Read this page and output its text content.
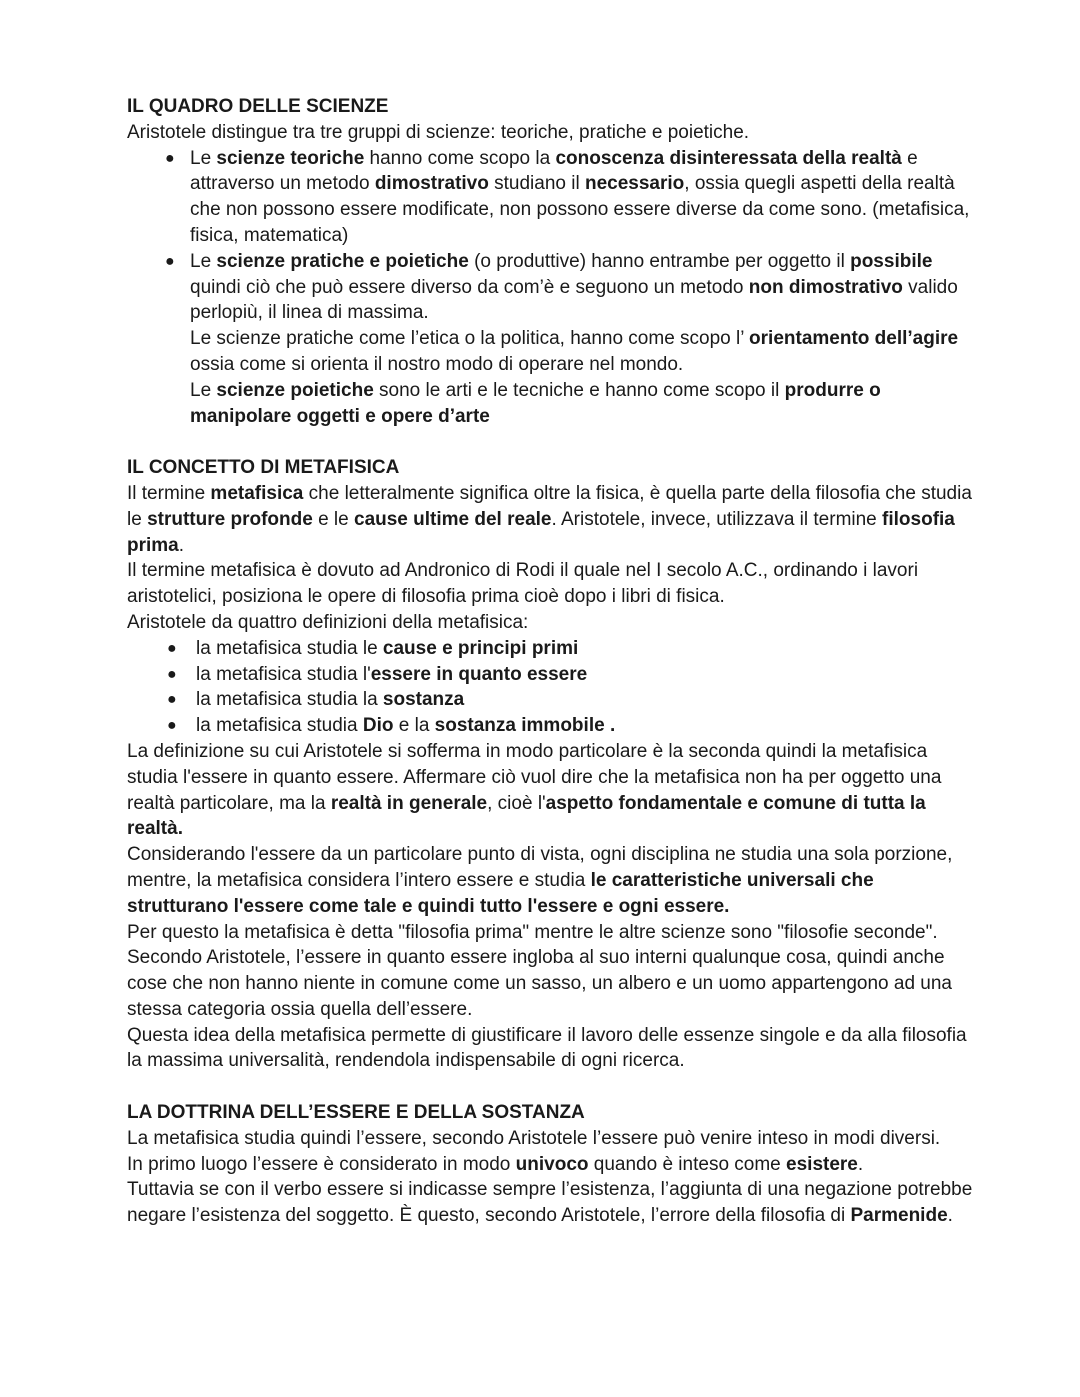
IL QUADRO DELLE SCIENZE

Aristotele distingue tra tre gruppi di scienze: teoriche, pratiche e poietiche.

● Le scienze teoriche hanno come scopo la conoscenza disinteressata della realtà e attraverso un metodo dimostrativo studiano il necessario, ossia quegli aspetti della realtà che non possono essere modificate, non possono essere diverse da come sono. (metafisica, fisica, matematica)
● Le scienze pratiche e poietiche (o produttive) hanno entrambe per oggetto il possibile quindi ciò che può essere diverso da com’è e seguono un metodo non dimostrativo valido perlopiù, il linea di massima.
Le scienze pratiche come l’etica o la politica, hanno come scopo l’ orientamento dell’agire ossia come si orienta il nostro modo di operare nel mondo.
Le scienze poietiche sono le arti e le tecniche e hanno come scopo il produrre o manipolare oggetti e opere d’arte

IL CONCETTO DI METAFISICA

Il termine metafisica che letteralmente significa oltre la fisica, è quella parte della filosofia che studia le strutture profonde e le cause ultime del reale. Aristotele, invece, utilizzava il termine filosofia prima.

Il termine metafisica è dovuto ad Andronico di Rodi il quale nel I secolo A.C., ordinando i lavori aristotelici, posiziona le opere di filosofia prima cioè dopo i libri di fisica.

Aristotele da quattro definizioni della metafisica:

● la metafisica studia le cause e principi primi
● la metafisica studia l'essere in quanto essere
● la metafisica studia la sostanza
● la metafisica studia Dio e la sostanza immobile .

La definizione su cui Aristotele si sofferma in modo particolare è la seconda quindi la metafisica studia l'essere in quanto essere. Affermare ciò vuol dire che la metafisica non ha per oggetto una realtà particolare, ma la realtà in generale, cioè l'aspetto fondamentale e comune di tutta la realtà.

Considerando l'essere da un particolare punto di vista, ogni disciplina ne studia una sola porzione, mentre, la metafisica considera l’intero essere e studia le caratteristiche universali che strutturano l'essere come tale e quindi tutto l'essere e ogni essere.

Per questo la metafisica è detta "filosofia prima" mentre le altre scienze sono "filosofie seconde".

Secondo Aristotele, l’essere in quanto essere ingloba al suo interni qualunque cosa, quindi anche cose che non hanno niente in comune come un sasso, un albero e un uomo appartengono ad una stessa categoria ossia quella dell’essere.

Questa idea della metafisica permette di giustificare il lavoro delle essenze singole e da alla filosofia la massima universalità, rendendola indispensabile di ogni ricerca.

LA DOTTRINA DELL’ESSERE E DELLA SOSTANZA

La metafisica studia quindi l’essere, secondo Aristotele l’essere può venire inteso in modi diversi.

In primo luogo l’essere è considerato in modo univoco quando è inteso come esistere.

Tuttavia se con il verbo essere si indicasse sempre l’esistenza, l’aggiunta di una negazione potrebbe negare l’esistenza del soggetto. È questo, secondo Aristotele, l’errore della filosofia di Parmenide.
